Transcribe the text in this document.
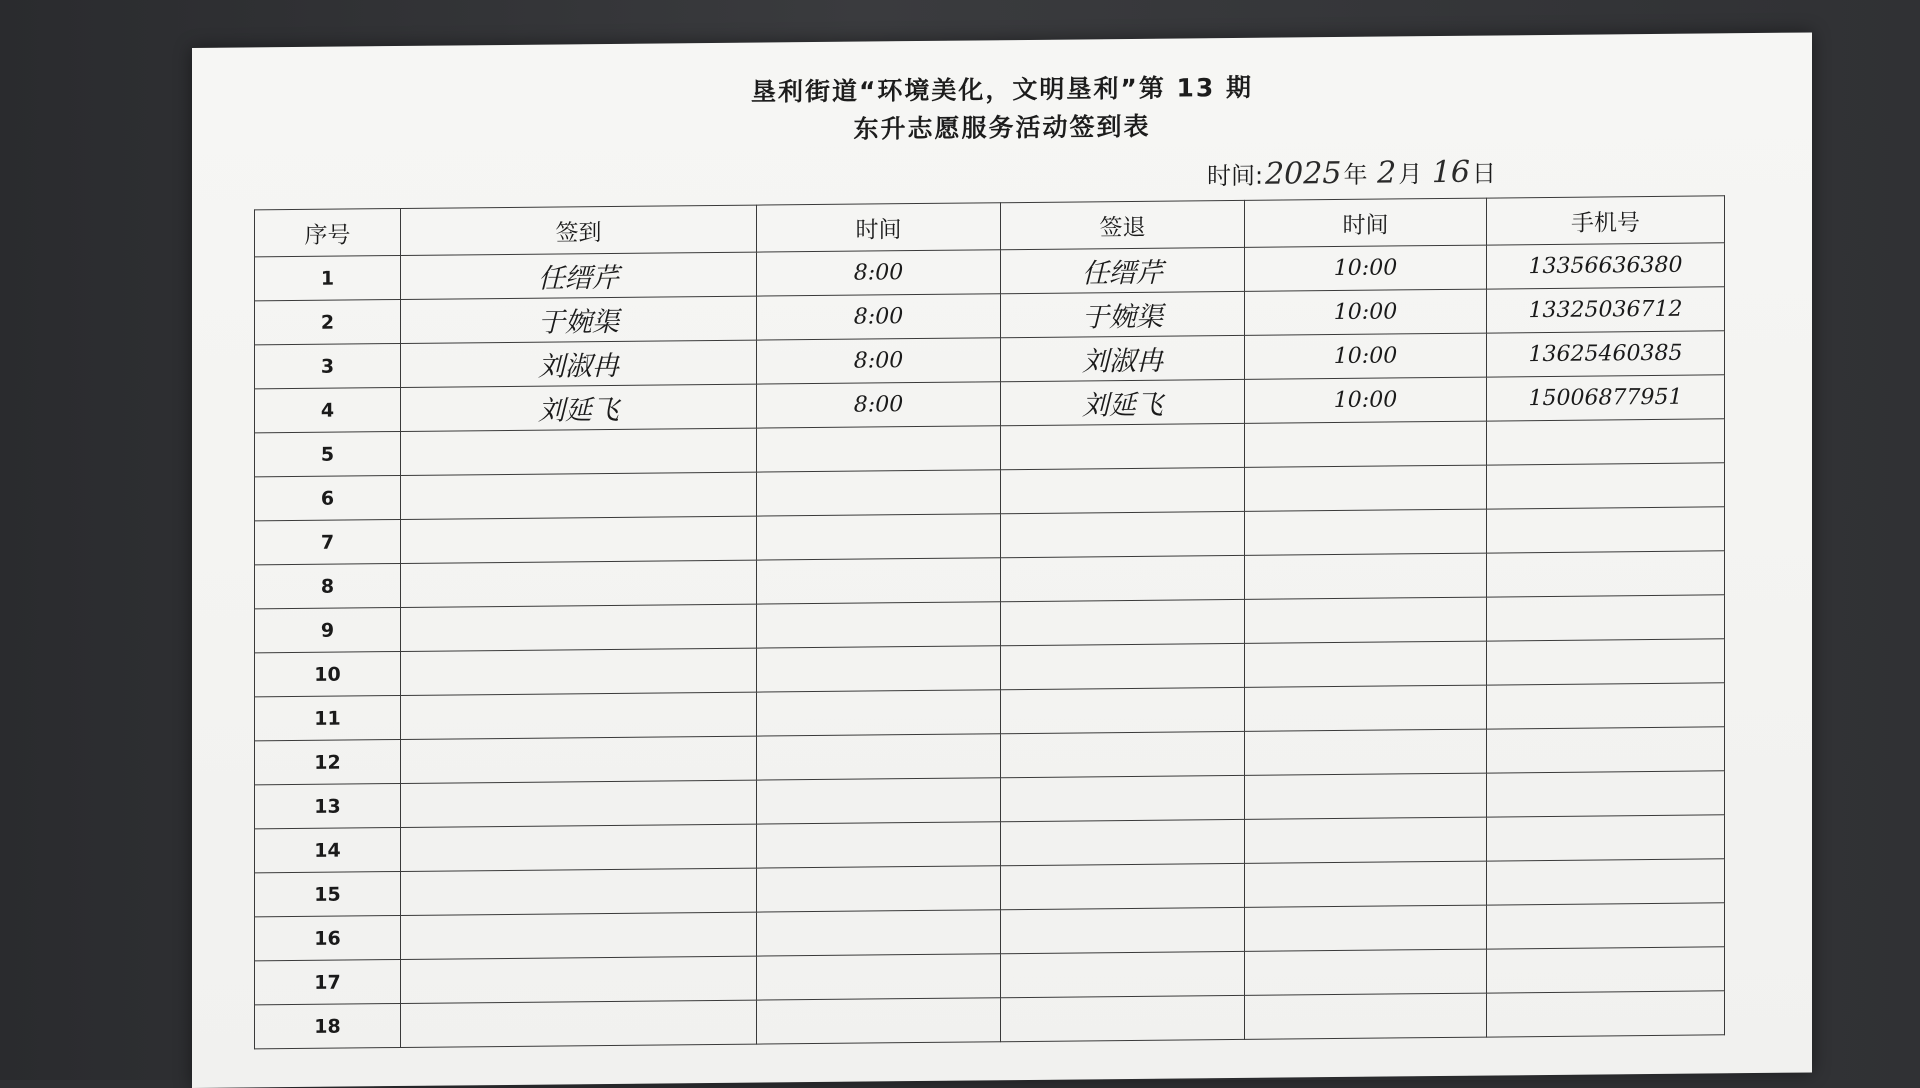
垦利街道“环境美化，文明垦利”第 13 期
东升志愿服务活动签到表
时间:2025年 2月 16日
序号	签到	时间	签退	时间	手机号
1	任缙芹	8:00	任缙芹	10:00	13356636380
2	于婉渠	8:00	于婉渠	10:00	13325036712
3	刘淑冉	8:00	刘淑冉	10:00	13625460385
4	刘延飞	8:00	刘延飞	10:00	15006877951
5					
6					
7					
8					
9					
10					
11					
12					
13					
14					
15					
16					
17					
18					
